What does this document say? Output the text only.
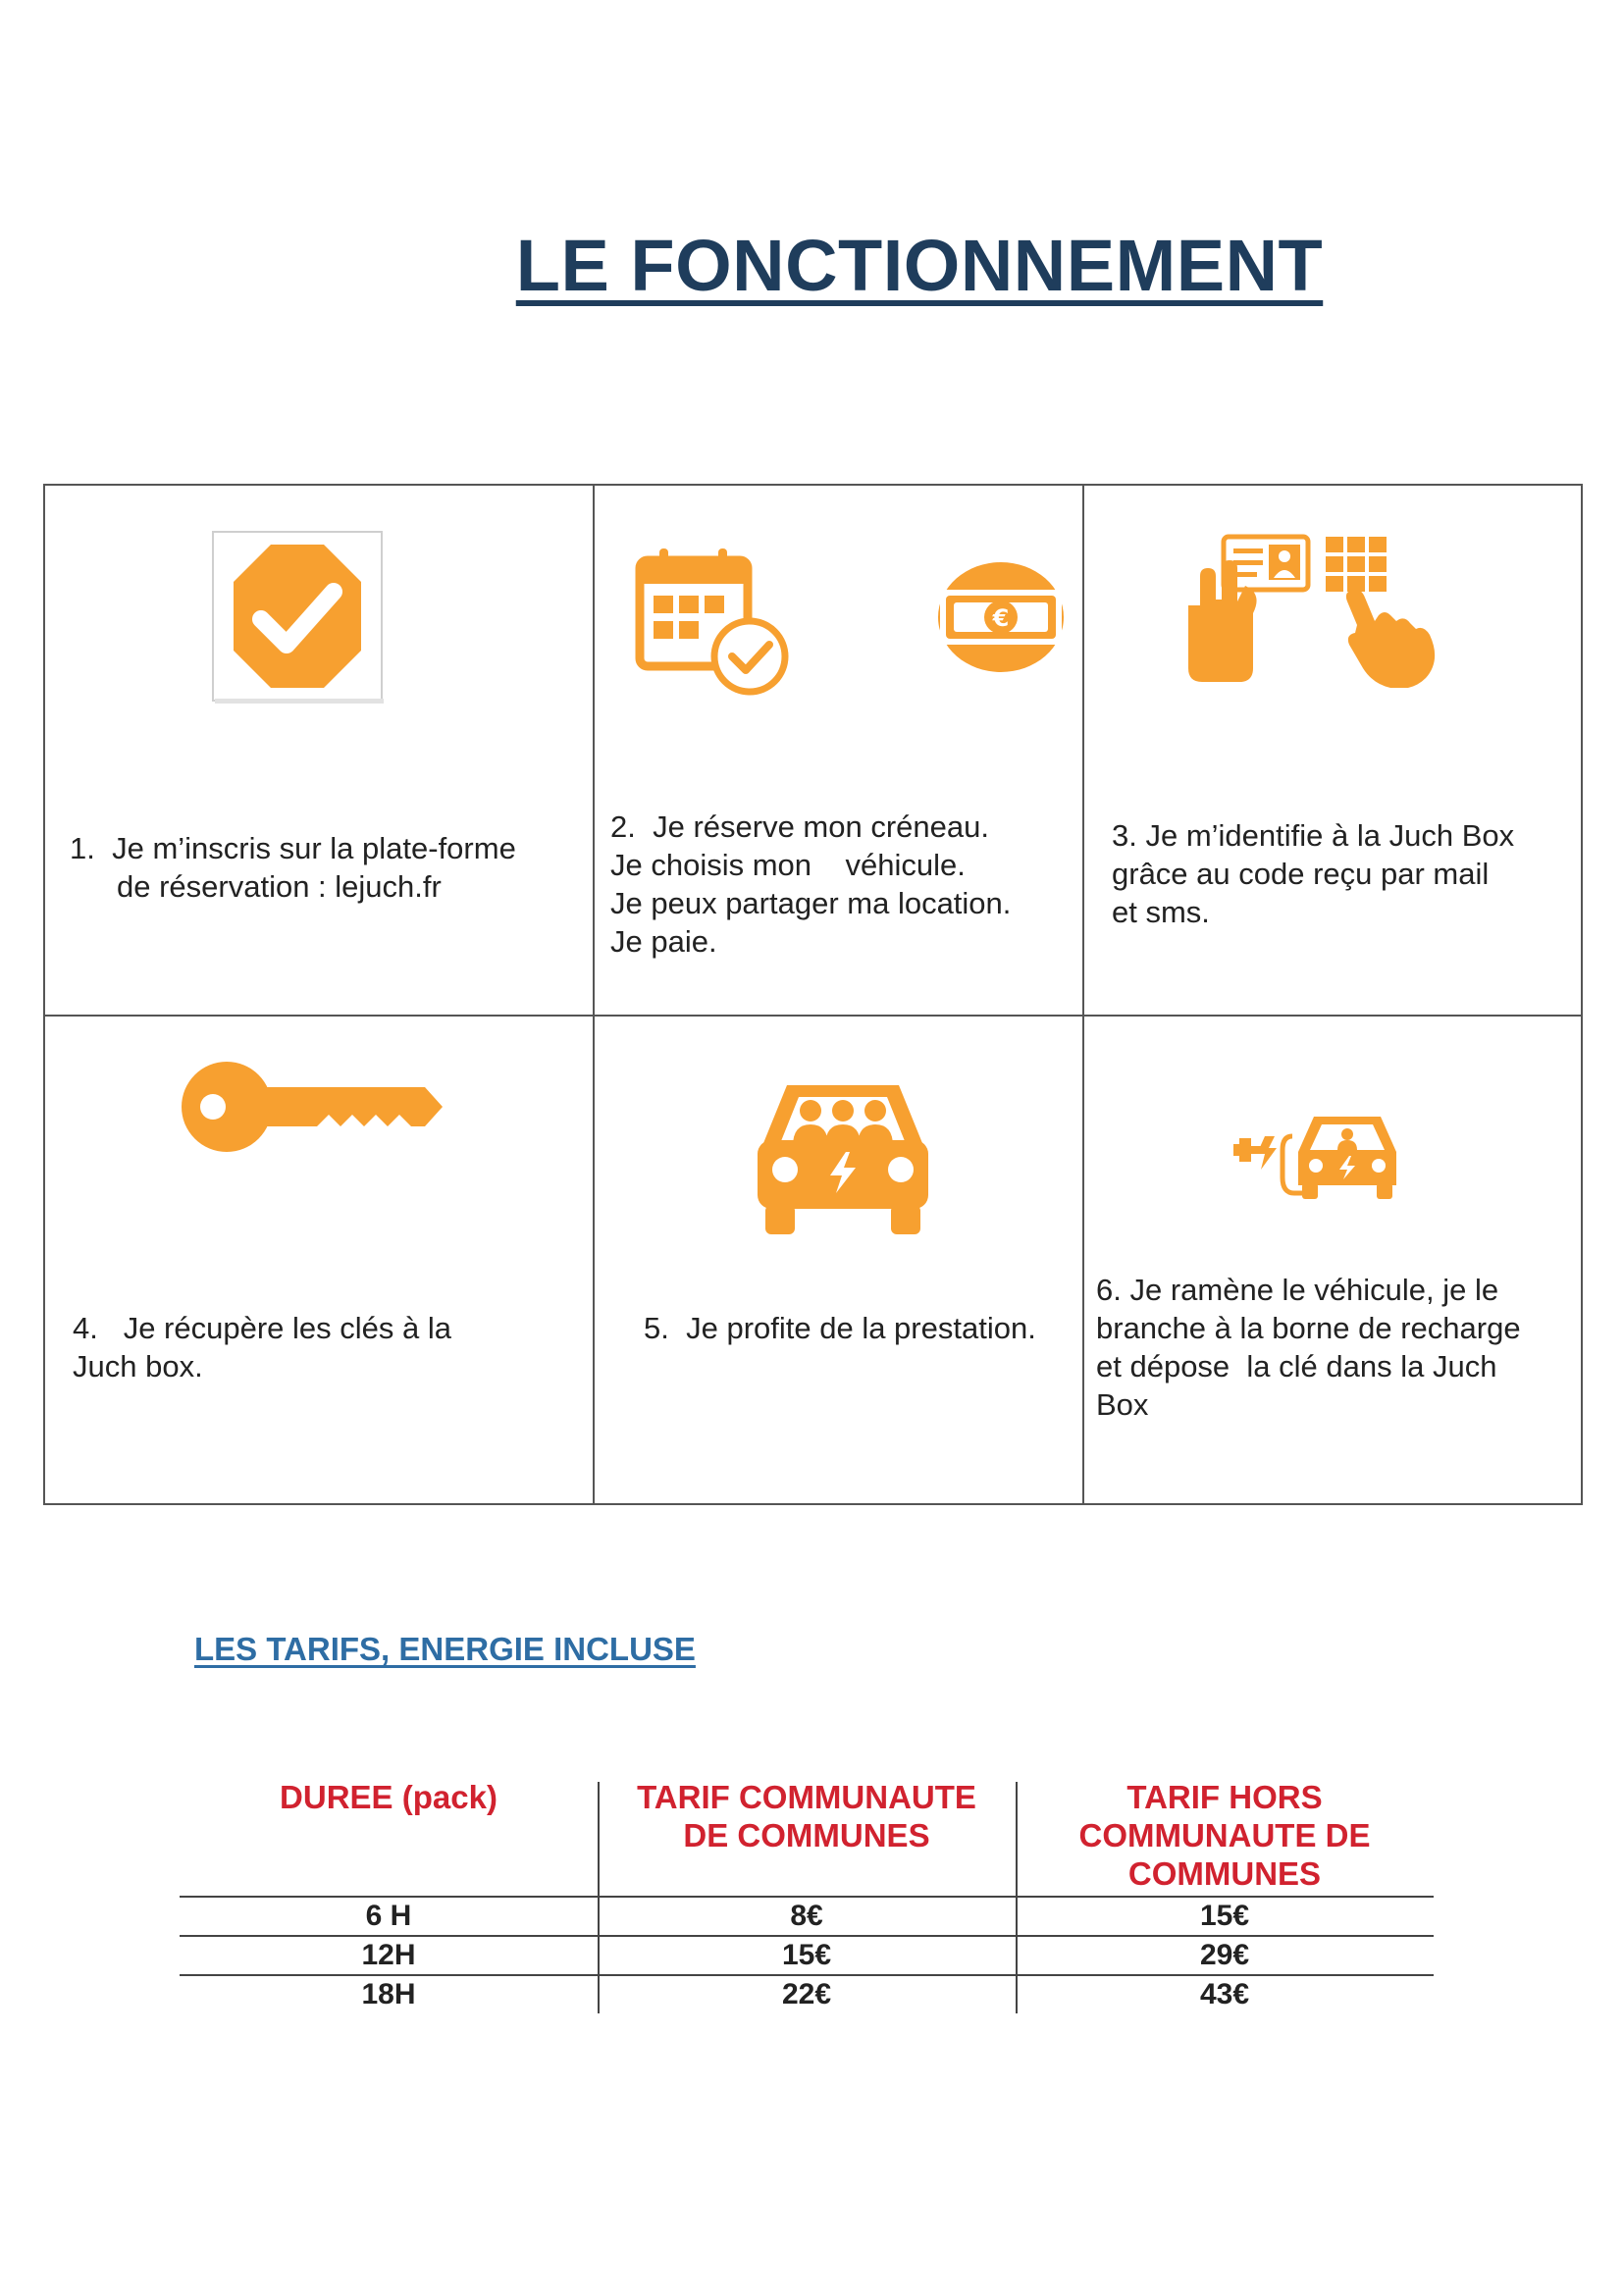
LE FONCTIONNEMENT
1. Je m’inscris sur la plate-forme
de réservation : lejuch.fr
€
2. Je réserve mon créneau.
Je choisis mon    véhicule.
Je peux partager ma location.
Je paie.
3. Je m’identifie à la Juch Box
grâce au code reçu par mail
et sms.
4. Je récupère les clés à la
Juch box.
5. Je profite de la prestation.
6. Je ramène le véhicule, je le
branche à la borne de recharge
et dépose  la clé dans la Juch
Box
LES TARIFS, ENERGIE INCLUSE
DUREE (pack)	TARIF COMMUNAUTE
DE COMMUNES
TARIF HORS
COMMUNAUTE DE
COMMUNES
6 H	8€	15€
12H	15€	29€
18H	22€	43€
